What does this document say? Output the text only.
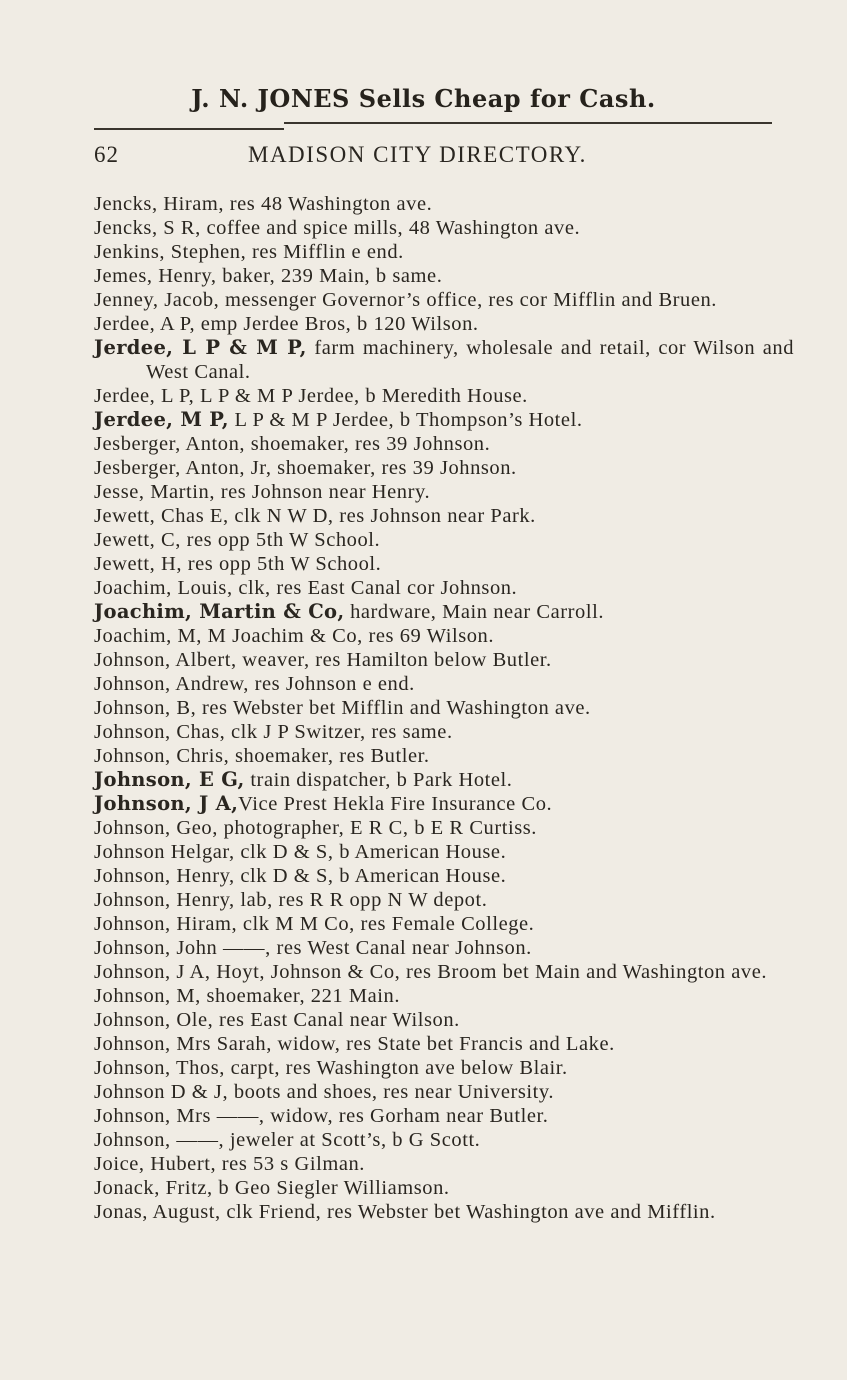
J. N. JONES Sells Cheap for Cash.
62	MADISON CITY DIRECTORY.
Jencks, Hiram, res 48 Washington ave.
Jencks, S R, coffee and spice mills, 48 Washington ave.
Jenkins, Stephen, res Mifflin e end.
Jemes, Henry, baker, 239 Main, b same.
Jenney, Jacob, messenger Governor’s office, res cor Mifflin and Bruen.
Jerdee, A P, emp Jerdee Bros, b 120 Wilson.
Jerdee, L P & M P, farm machinery, wholesale and retail, cor Wilson and West Canal.
Jerdee, L P, L P & M P Jerdee, b Meredith House.
Jerdee, M P, L P & M P Jerdee, b Thompson’s Hotel.
Jesberger, Anton, shoemaker, res 39 Johnson.
Jesberger, Anton, Jr, shoemaker, res 39 Johnson.
Jesse, Martin, res Johnson near Henry.
Jewett, Chas E, clk N W D, res Johnson near Park.
Jewett, C, res opp 5th W School.
Jewett, H, res opp 5th W School.
Joachim, Louis, clk, res East Canal cor Johnson.
Joachim, Martin & Co, hardware, Main near Carroll.
Joachim, M, M Joachim & Co, res 69 Wilson.
Johnson, Albert, weaver, res Hamilton below Butler.
Johnson, Andrew, res Johnson e end.
Johnson, B, res Webster bet Mifflin and Washington ave.
Johnson, Chas, clk J P Switzer, res same.
Johnson, Chris, shoemaker, res Butler.
Johnson, E G, train dispatcher, b Park Hotel.
Johnson, J A,Vice Prest Hekla Fire Insurance Co.
Johnson, Geo, photographer, E R C, b E R Curtiss.
Johnson Helgar, clk D & S, b American House.
Johnson, Henry, clk D & S, b American House.
Johnson, Henry, lab, res R R opp N W depot.
Johnson, Hiram, clk M M Co, res Female College.
Johnson, John ——, res West Canal near Johnson.
Johnson, J A, Hoyt, Johnson & Co, res Broom bet Main and Washington ave.
Johnson, M, shoemaker, 221 Main.
Johnson, Ole, res East Canal near Wilson.
Johnson, Mrs Sarah, widow, res State bet Francis and Lake.
Johnson, Thos, carpt, res Washington ave below Blair.
Johnson D & J, boots and shoes, res near University.
Johnson, Mrs ——, widow, res Gorham near Butler.
Johnson, ——, jeweler at Scott’s, b G Scott.
Joice, Hubert, res 53 s Gilman.
Jonack, Fritz, b Geo Siegler Williamson.
Jonas, August, clk Friend, res Webster bet Washington ave and Mifflin.
